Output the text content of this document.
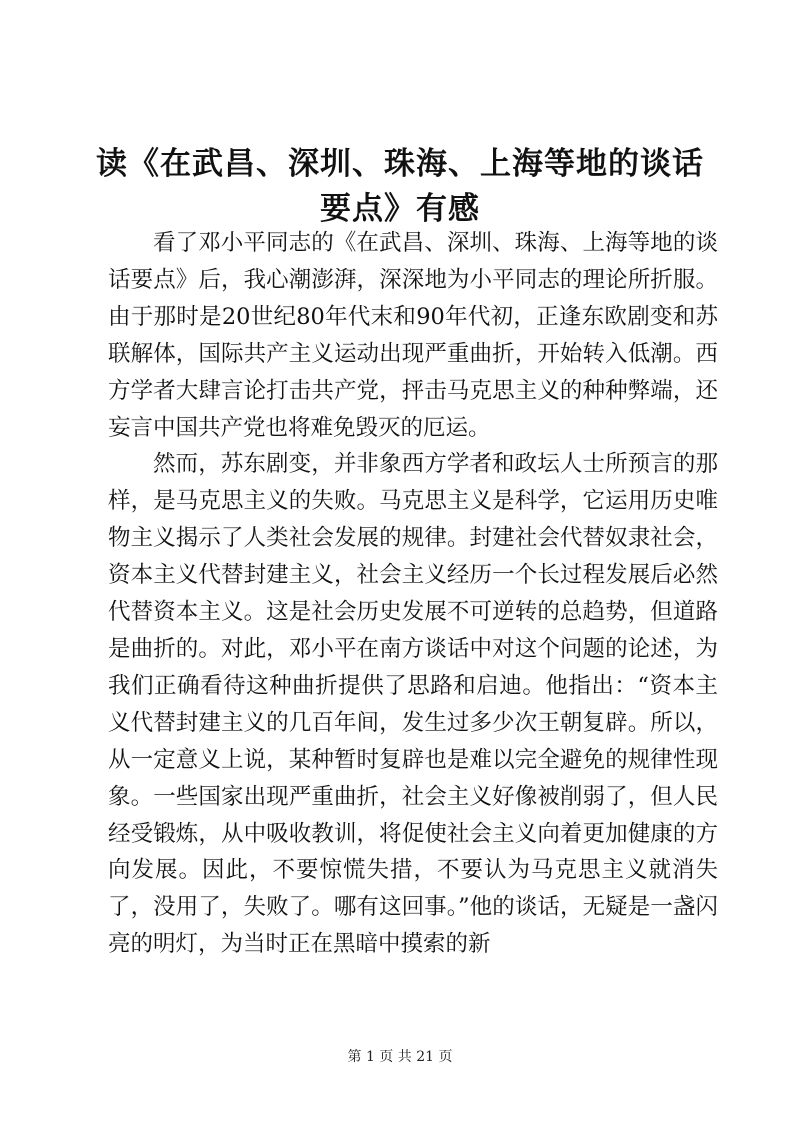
读《在武昌、深圳、珠海、上海等地的谈话要点》有感

看了邓小平同志的《在武昌、深圳、珠海、上海等地的谈话要点》后，我心潮澎湃，深深地为小平同志的理论所折服。由于那时是20世纪80年代末和90年代初，正逢东欧剧变和苏联解体，国际共产主义运动出现严重曲折，开始转入低潮。西方学者大肆言论打击共产党，抨击马克思主义的种种弊端，还妄言中国共产党也将难免毁灭的厄运。

然而，苏东剧变，并非象西方学者和政坛人士所预言的那样，是马克思主义的失败。马克思主义是科学，它运用历史唯物主义揭示了人类社会发展的规律。封建社会代替奴隶社会，资本主义代替封建主义，社会主义经历一个长过程发展后必然代替资本主义。这是社会历史发展不可逆转的总趋势，但道路是曲折的。对此，邓小平在南方谈话中对这个问题的论述，为我们正确看待这种曲折提供了思路和启迪。他指出：“资本主义代替封建主义的几百年间，发生过多少次王朝复辟。所以，从一定意义上说，某种暂时复辟也是难以完全避免的规律性现象。一些国家出现严重曲折，社会主义好像被削弱了，但人民经受锻炼，从中吸收教训，将促使社会主义向着更加健康的方向发展。因此，不要惊慌失措，不要认为马克思主义就消失了，没用了，失败了。哪有这回事。”他的谈话，无疑是一盏闪亮的明灯，为当时正在黑暗中摸索的新

第 1 页 共 21 页
